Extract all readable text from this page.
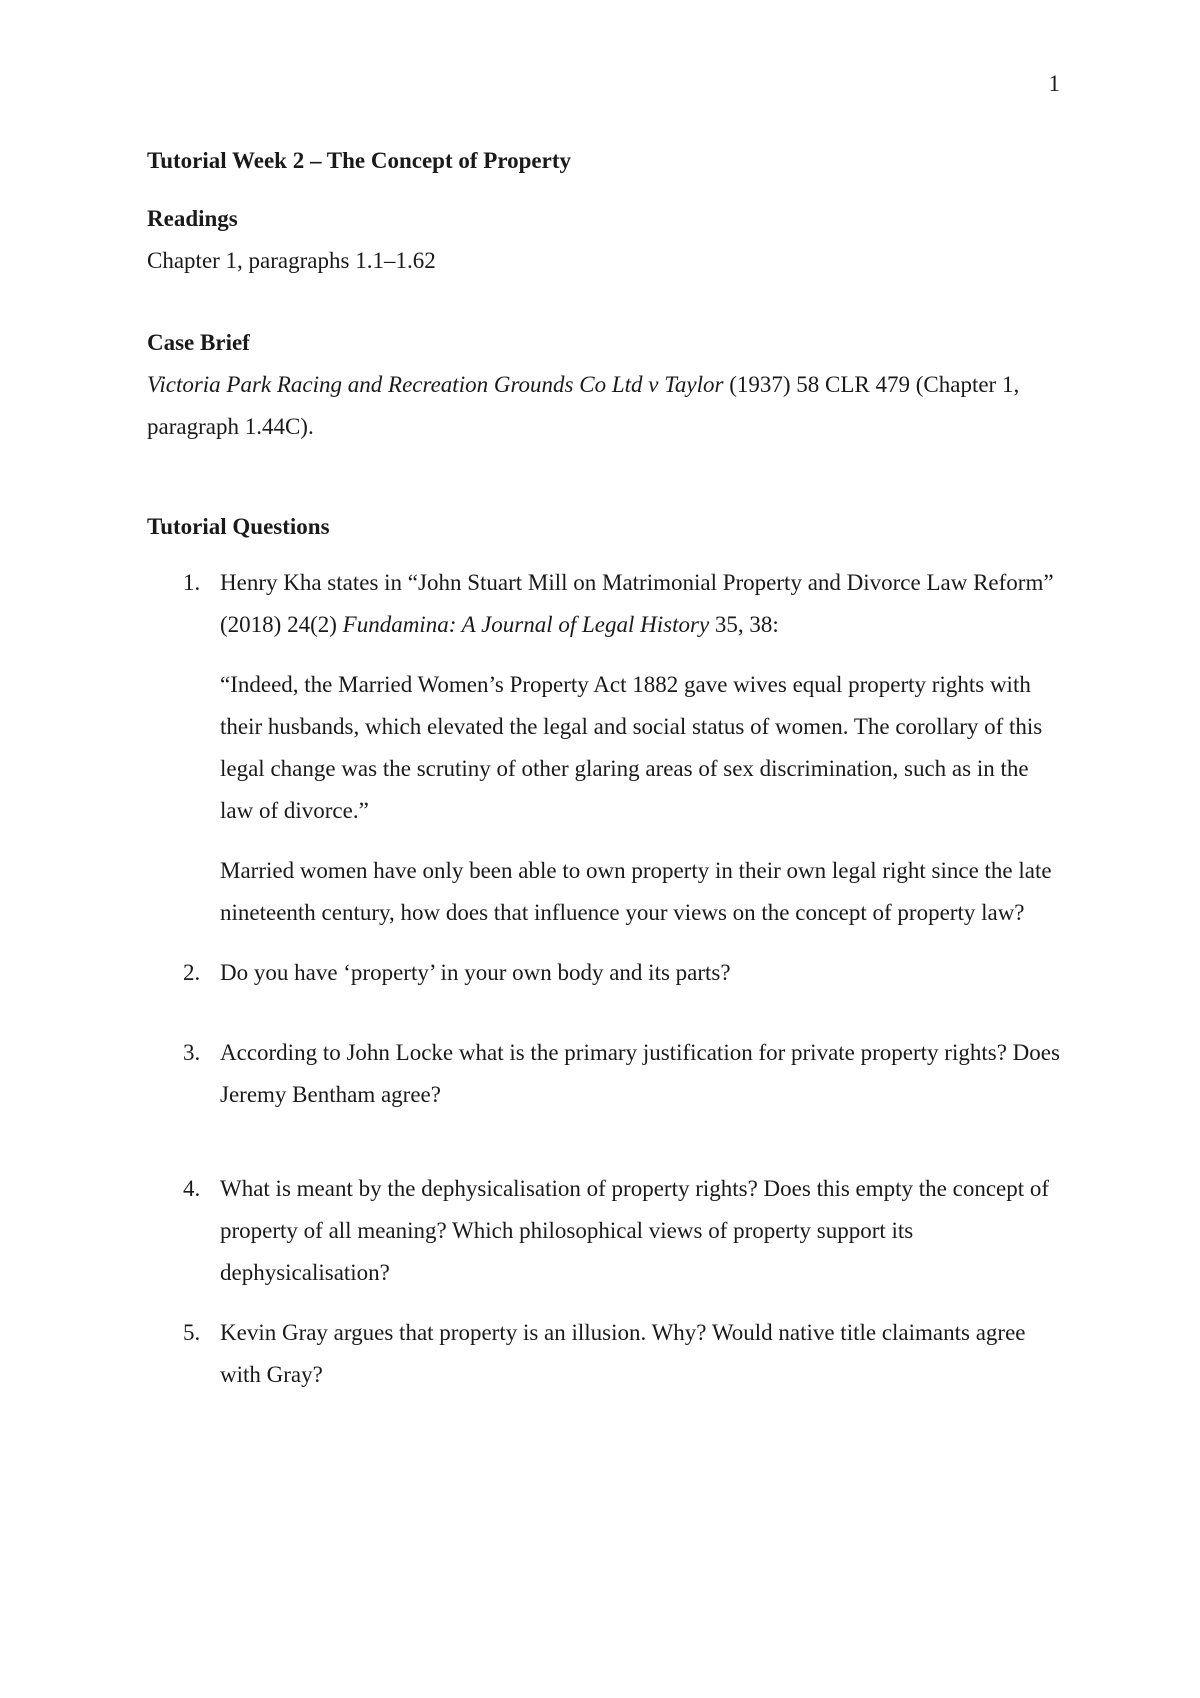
1

Tutorial Week 2 – The Concept of Property

Readings

Chapter 1, paragraphs 1.1–1.62

Case Brief

Victoria Park Racing and Recreation Grounds Co Ltd v Taylor (1937) 58 CLR 479 (Chapter 1, paragraph 1.44C).

Tutorial Questions

1. Henry Kha states in “John Stuart Mill on Matrimonial Property and Divorce Law Reform” (2018) 24(2) Fundamina: A Journal of Legal History 35, 38:

“Indeed, the Married Women’s Property Act 1882 gave wives equal property rights with their husbands, which elevated the legal and social status of women. The corollary of this legal change was the scrutiny of other glaring areas of sex discrimination, such as in the law of divorce.”

Married women have only been able to own property in their own legal right since the late nineteenth century, how does that influence your views on the concept of property law?

2. Do you have ‘property’ in your own body and its parts?

3. According to John Locke what is the primary justification for private property rights? Does Jeremy Bentham agree?

4. What is meant by the dephysicalisation of property rights? Does this empty the concept of property of all meaning? Which philosophical views of property support its dephysicalisation?

5. Kevin Gray argues that property is an illusion. Why? Would native title claimants agree with Gray?
